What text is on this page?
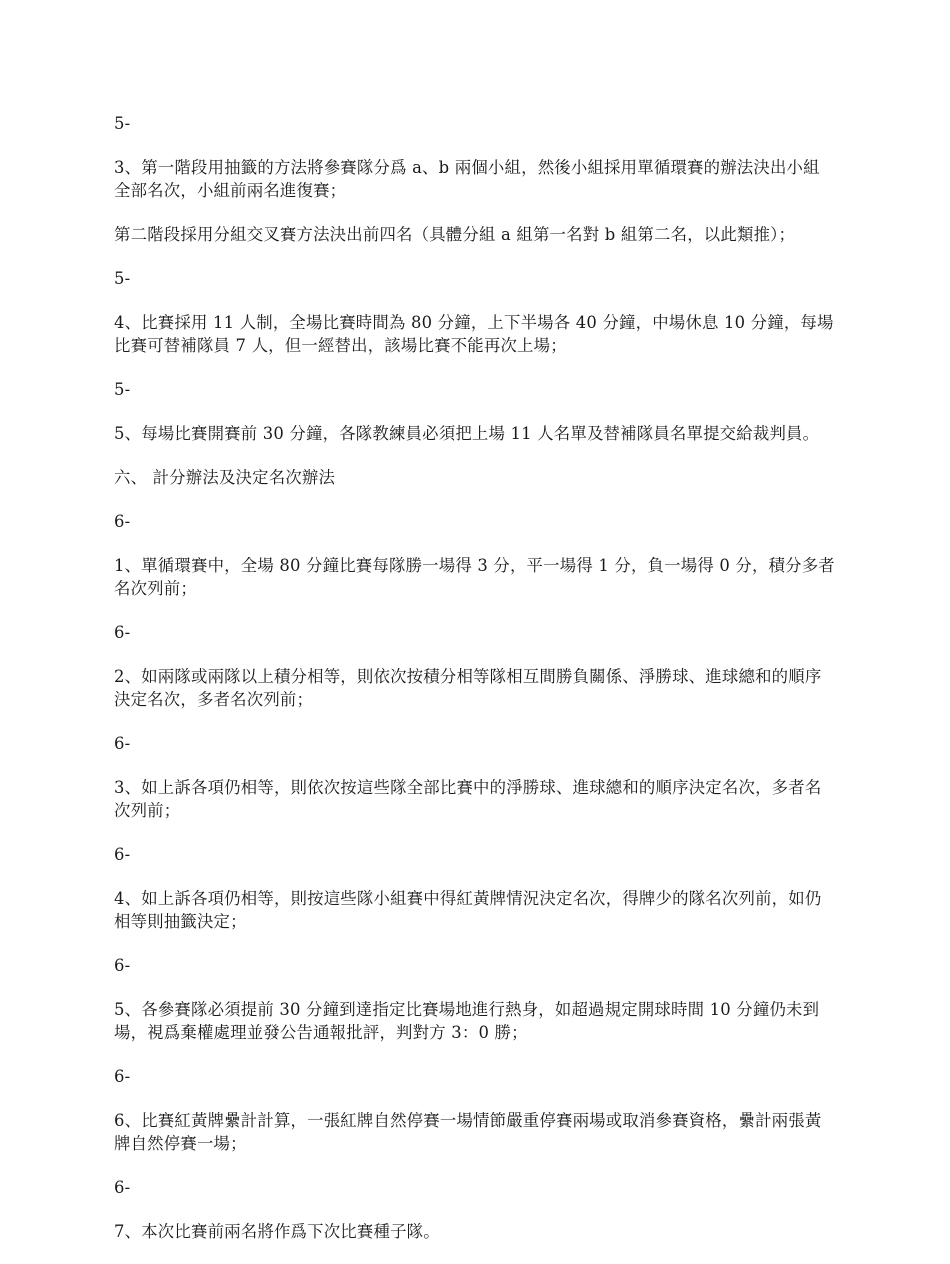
5-

3、第一階段用抽籤的方法將參賽隊分爲 a、b 兩個小組，然後小組採用單循環賽的辦法決出小組全部名次，小組前兩名進復賽；

第二階段採用分組交叉賽方法決出前四名（具體分組 a 組第一名對 b 組第二名，以此類推）；

5-

4、比賽採用 11 人制，全場比賽時間為 80 分鐘，上下半場各 40 分鐘，中場休息 10 分鐘，每場比賽可替補隊員 7 人，但一經替出，該場比賽不能再次上場；

5-

5、每場比賽開賽前 30 分鐘，各隊教練員必須把上場 11 人名單及替補隊員名單提交給裁判員。

六、 計分辦法及決定名次辦法

6-

1、單循環賽中，全場 80 分鐘比賽每隊勝一場得 3 分，平一場得 1 分，負一場得 0 分，積分多者名次列前；

6-

2、如兩隊或兩隊以上積分相等，則依次按積分相等隊相互間勝負關係、淨勝球、進球總和的順序決定名次，多者名次列前；

6-

3、如上訴各項仍相等，則依次按這些隊全部比賽中的淨勝球、進球總和的順序決定名次，多者名次列前；

6-

4、如上訴各項仍相等，則按這些隊小組賽中得紅黃牌情況決定名次，得牌少的隊名次列前，如仍相等則抽籤決定；

6-

5、各參賽隊必須提前 30 分鐘到達指定比賽場地進行熱身，如超過規定開球時間 10 分鐘仍未到場，視爲棄權處理並發公告通報批評，判對方 3：0 勝；

6-

6、比賽紅黃牌纍計計算，一張紅牌自然停賽一場情節嚴重停賽兩場或取消參賽資格，纍計兩張黃牌自然停賽一場；

6-

7、本次比賽前兩名將作爲下次比賽種子隊。
